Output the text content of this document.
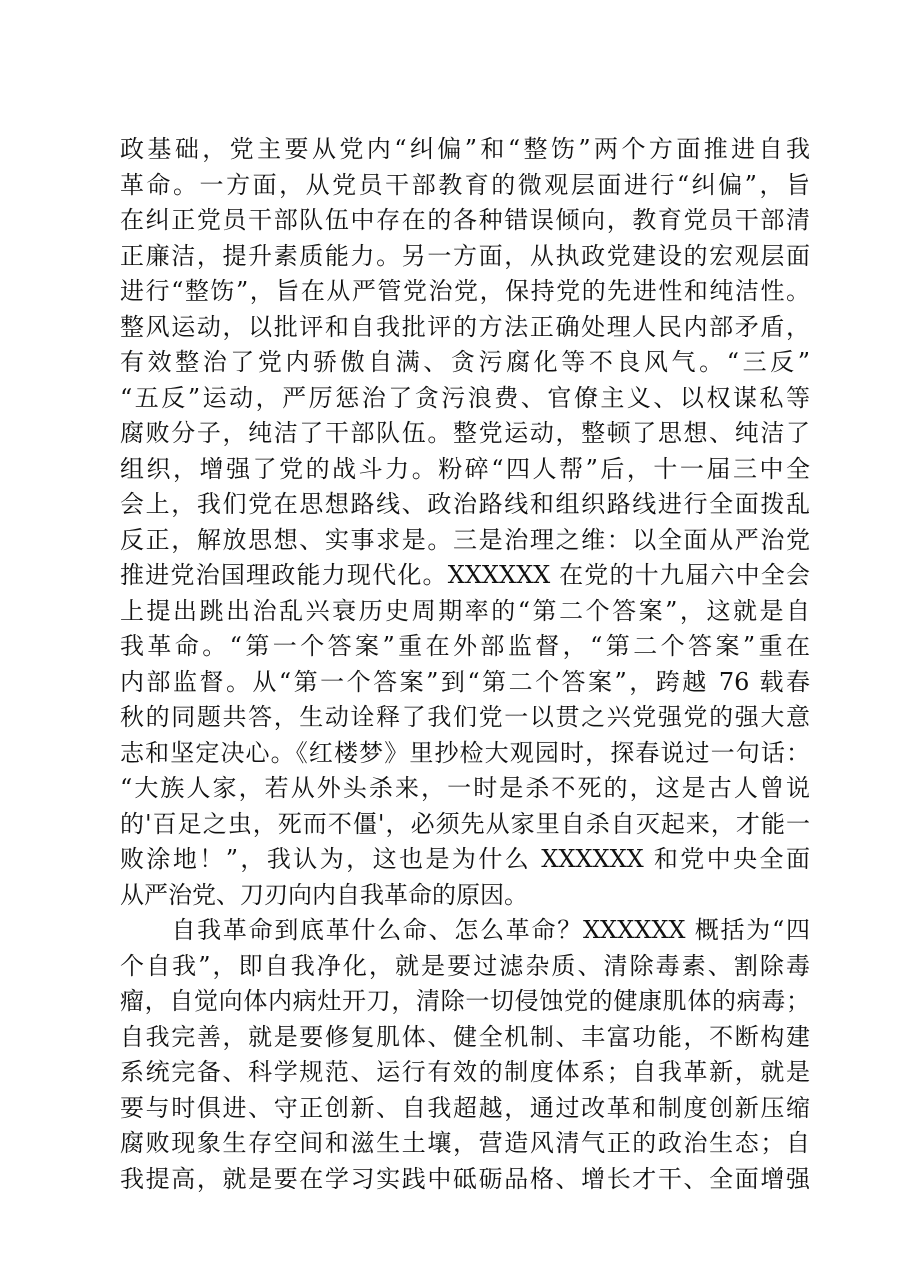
政基础，党主要从党内“纠偏”和“整饬”两个方面推进自我
革命。一方面，从党员干部教育的微观层面进行“纠偏”，旨
在纠正党员干部队伍中存在的各种错误倾向，教育党员干部清
正廉洁，提升素质能力。另一方面，从执政党建设的宏观层面
进行“整饬”，旨在从严管党治党，保持党的先进性和纯洁性。
整风运动，以批评和自我批评的方法正确处理人民内部矛盾，
有效整治了党内骄傲自满、贪污腐化等不良风气。“三反”
“五反”运动，严厉惩治了贪污浪费、官僚主义、以权谋私等
腐败分子，纯洁了干部队伍。整党运动，整顿了思想、纯洁了
组织，增强了党的战斗力。粉碎“四人帮”后，十一届三中全
会上，我们党在思想路线、政治路线和组织路线进行全面拨乱
反正，解放思想、实事求是。三是治理之维：以全面从严治党
推进党治国理政能力现代化。XXXXXX 在党的十九届六中全会
上提出跳出治乱兴衰历史周期率的“第二个答案”，这就是自
我革命。“第一个答案”重在外部监督，“第二个答案”重在
内部监督。从“第一个答案”到“第二个答案”，跨越 76 载春
秋的同题共答，生动诠释了我们党一以贯之兴党强党的强大意
志和坚定决心。《红楼梦》里抄检大观园时，探春说过一句话：
“大族人家，若从外头杀来，一时是杀不死的，这是古人曾说
的'百足之虫，死而不僵'，必须先从家里自杀自灭起来，才能一
败涂地！”，我认为，这也是为什么 XXXXXX 和党中央全面
从严治党、刀刃向内自我革命的原因。
　　自我革命到底革什么命、怎么革命？XXXXXX 概括为“四
个自我”，即自我净化，就是要过滤杂质、清除毒素、割除毒
瘤，自觉向体内病灶开刀，清除一切侵蚀党的健康肌体的病毒；
自我完善，就是要修复肌体、健全机制、丰富功能，不断构建
系统完备、科学规范、运行有效的制度体系；自我革新，就是
要与时俱进、守正创新、自我超越，通过改革和制度创新压缩
腐败现象生存空间和滋生土壤，营造风清气正的政治生态；自
我提高，就是要在学习实践中砥砺品格、增长才干、全面增强
